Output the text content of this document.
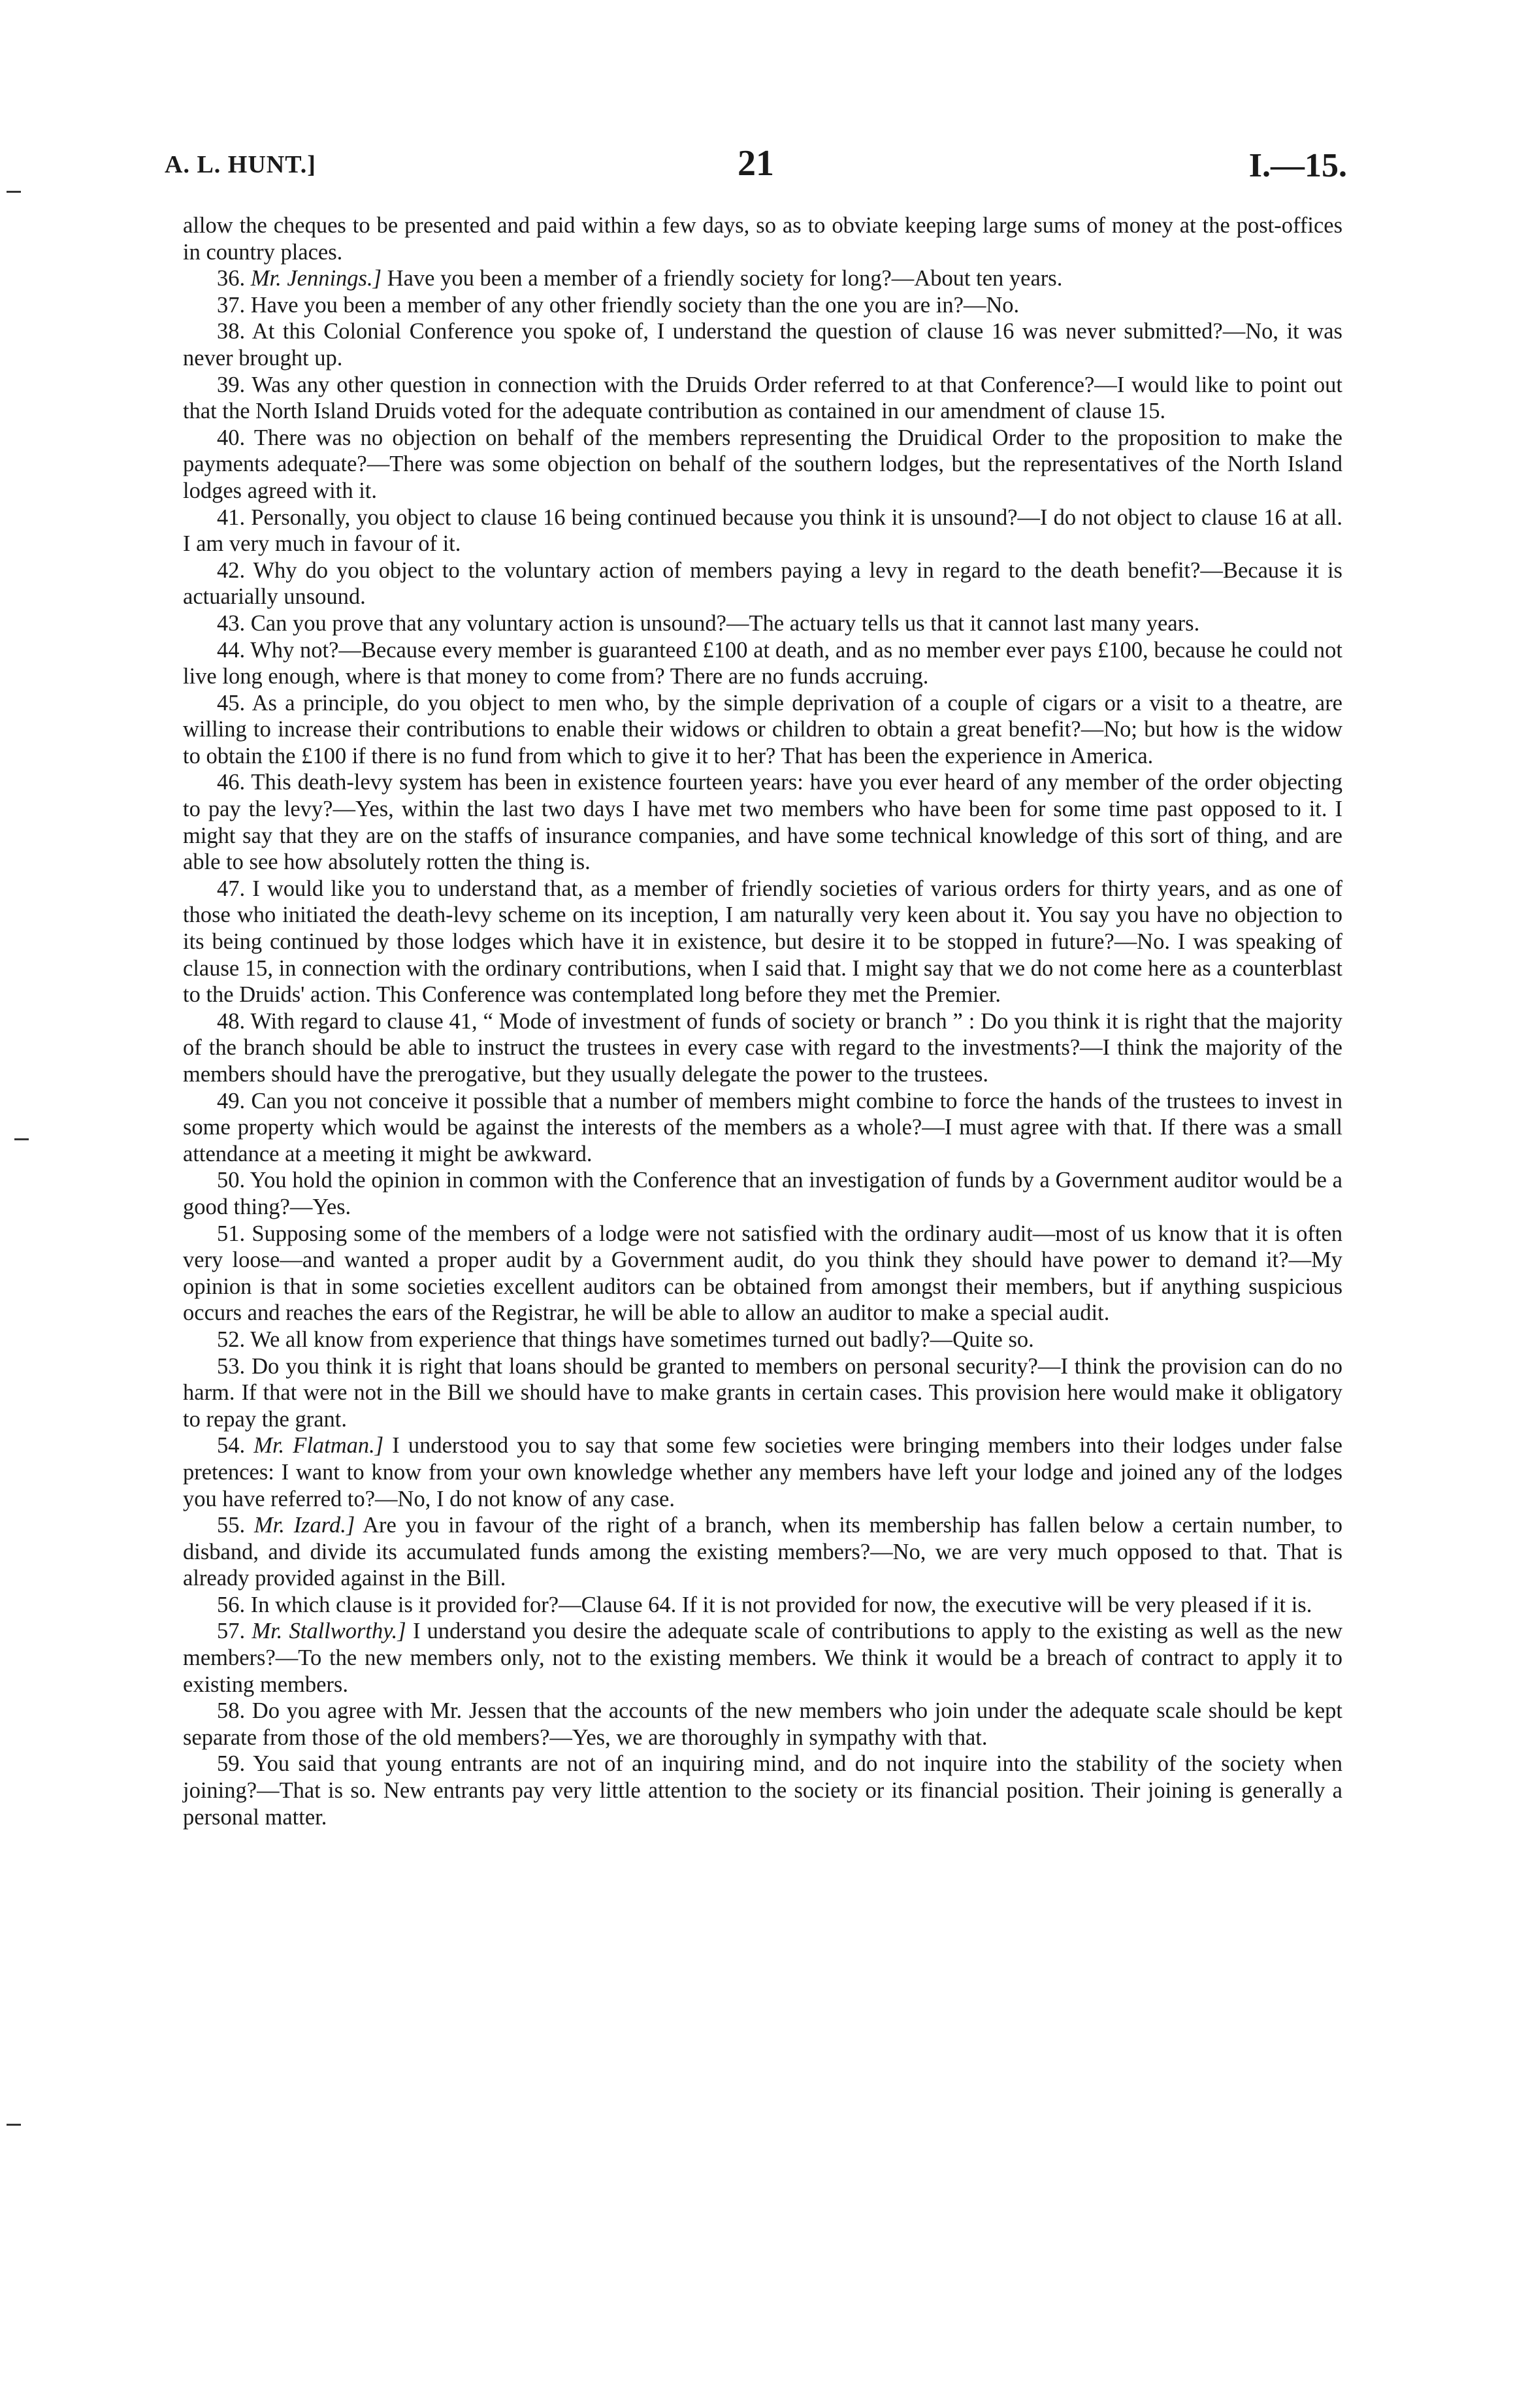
A. L. HUNT.]	21	I.—15.

allow the cheques to be presented and paid within a few days, so as to obviate keeping large sums of money at the post-offices in country places.

36. Mr. Jennings.] Have you been a member of a friendly society for long?—About ten years.

37. Have you been a member of any other friendly society than the one you are in?—No.

38. At this Colonial Conference you spoke of, I understand the question of clause 16 was never submitted?—No, it was never brought up.

39. Was any other question in connection with the Druids Order referred to at that Conference?—I would like to point out that the North Island Druids voted for the adequate contribution as contained in our amendment of clause 15.

40. There was no objection on behalf of the members representing the Druidical Order to the proposition to make the payments adequate?—There was some objection on behalf of the southern lodges, but the representatives of the North Island lodges agreed with it.

41. Personally, you object to clause 16 being continued because you think it is unsound?—I do not object to clause 16 at all. I am very much in favour of it.

42. Why do you object to the voluntary action of members paying a levy in regard to the death benefit?—Because it is actuarially unsound.

43. Can you prove that any voluntary action is unsound?—The actuary tells us that it cannot last many years.

44. Why not?—Because every member is guaranteed £100 at death, and as no member ever pays £100, because he could not live long enough, where is that money to come from? There are no funds accruing.

45. As a principle, do you object to men who, by the simple deprivation of a couple of cigars or a visit to a theatre, are willing to increase their contributions to enable their widows or children to obtain a great benefit?—No; but how is the widow to obtain the £100 if there is no fund from which to give it to her? That has been the experience in America.

46. This death-levy system has been in existence fourteen years: have you ever heard of any member of the order objecting to pay the levy?—Yes, within the last two days I have met two members who have been for some time past opposed to it. I might say that they are on the staffs of insurance companies, and have some technical knowledge of this sort of thing, and are able to see how absolutely rotten the thing is.

47. I would like you to understand that, as a member of friendly societies of various orders for thirty years, and as one of those who initiated the death-levy scheme on its inception, I am naturally very keen about it. You say you have no objection to its being continued by those lodges which have it in existence, but desire it to be stopped in future?—No. I was speaking of clause 15, in connection with the ordinary contributions, when I said that. I might say that we do not come here as a counterblast to the Druids' action. This Conference was contemplated long before they met the Premier.

48. With regard to clause 41, “ Mode of investment of funds of society or branch ” : Do you think it is right that the majority of the branch should be able to instruct the trustees in every case with regard to the investments?—I think the majority of the members should have the prerogative, but they usually delegate the power to the trustees.

49. Can you not conceive it possible that a number of members might combine to force the hands of the trustees to invest in some property which would be against the interests of the members as a whole?—I must agree with that. If there was a small attendance at a meeting it might be awkward.

50. You hold the opinion in common with the Conference that an investigation of funds by a Government auditor would be a good thing?—Yes.

51. Supposing some of the members of a lodge were not satisfied with the ordinary audit—most of us know that it is often very loose—and wanted a proper audit by a Government audit, do you think they should have power to demand it?—My opinion is that in some societies excellent auditors can be obtained from amongst their members, but if anything suspicious occurs and reaches the ears of the Registrar, he will be able to allow an auditor to make a special audit.

52. We all know from experience that things have sometimes turned out badly?—Quite so.

53. Do you think it is right that loans should be granted to members on personal security?—I think the provision can do no harm. If that were not in the Bill we should have to make grants in certain cases. This provision here would make it obligatory to repay the grant.

54. Mr. Flatman.] I understood you to say that some few societies were bringing members into their lodges under false pretences: I want to know from your own knowledge whether any members have left your lodge and joined any of the lodges you have referred to?—No, I do not know of any case.

55. Mr. Izard.] Are you in favour of the right of a branch, when its membership has fallen below a certain number, to disband, and divide its accumulated funds among the existing members?—No, we are very much opposed to that. That is already provided against in the Bill.

56. In which clause is it provided for?—Clause 64. If it is not provided for now, the executive will be very pleased if it is.

57. Mr. Stallworthy.] I understand you desire the adequate scale of contributions to apply to the existing as well as the new members?—To the new members only, not to the existing members. We think it would be a breach of contract to apply it to existing members.

58. Do you agree with Mr. Jessen that the accounts of the new members who join under the adequate scale should be kept separate from those of the old members?—Yes, we are thoroughly in sympathy with that.

59. You said that young entrants are not of an inquiring mind, and do not inquire into the stability of the society when joining?—That is so. New entrants pay very little attention to the society or its financial position. Their joining is generally a personal matter.
